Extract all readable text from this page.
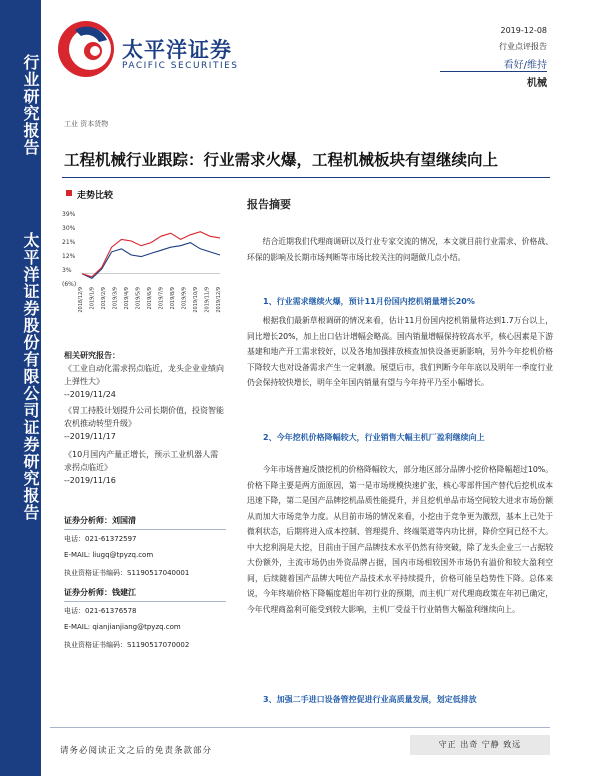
行业研究报告
太平洋证券股份有限公司证券研究报告
太平洋证券
PACIFIC SECURITIES
2019-12-08
行业点评报告
看好/维持
机械
工业 资本货物
工程机械行业跟踪：行业需求火爆，工程机械板块有望继续向上
走势比较
39%
30%
21%
12%
3%
(6%)
2018/12/9 2019/1/9 2019/2/9 2019/3/9 2019/4/9 2019/5/9 2019/6/9 2019/7/9 2019/8/9 2019/9/9 2019/10/9 2019/11/9 2019/12/9
相关研究报告：
《工业自动化需求拐点临近，龙头企业业绩向上弹性大》
--2019/11/24
《胃工持股计划提升公司长期价值，投资智能农机推动转型升级》
--2019/11/17
《10月国内产量正增长，预示工业机器人需求拐点临近》
--2019/11/16
证券分析师：刘国清
电话：021-61372597
E-MAIL: liugq@tpyzq.com
执业资格证书编码：S1190517040001
证券分析师：钱建江
电话：021-61376578
E-MAIL: qianjianjiang@tpyzq.com
执业资格证书编码：S1190517070002
报告摘要

结合近期我们代理商调研以及行业专家交流的情况，本文就目前行业需求、价格战、环保的影响及长期市场判断等市场比较关注的问题做几点小结。

1、行业需求继续火爆，预计11月份国内挖机销量增长20%

根据我们最新草根调研的情况来看，估计11月份国内挖机销量将达到1.7万台以上，同比增长20%，加上出口估计增幅会略高。国内销量增幅保持较高水平，核心因素是下游基建和地产开工需求较好，以及各地加强排放核查加快设备更新影响，另外今年挖机价格下降较大也对设备需求产生一定刺激。展望后市，我们判断今年年底以及明年一季度行业仍会保持较快增长，明年全年国内销量有望与今年持平乃至小幅增长。

2、今年挖机价格降幅较大，行业销售大幅主机厂盈利继续向上

今年市场普遍反馈挖机的价格降幅较大，部分地区部分品牌小挖价格降幅超过10%。价格下降主要是两方面原因，第一是市场规模快速扩张，核心零部件国产替代后挖机成本迅速下降，第二是国产品牌挖机品质性能提升，并且挖机单品市场空间较大进求市场份额从而加大市场竞争力度。从目前市场的情况来看，小挖由于竞争更为激烈，基本上已处于微利状态，后期将进入成本控制、管理提升、终端渠道等内功比拼，降价空间已经不大。中大挖利润是大挖，目前由于国产品牌技术水平仍然有待突破，除了龙头企业三一占据较大份额外，主流市场仍由外资品牌占据，国内市场相较国外市场仍有溢价和较大盈利空间，后续随着国产品牌大吨位产品技术水平持续提升，价格可能呈趋势性下降。总体来说，今年终端价格下降幅度超出年初行业的预期，而主机厂对代理商政策在年初已确定，今年代理商盈利可能受到较大影响，主机厂受益于行业销售大幅盈利继续向上。

3、加强二手进口设备管控促进行业高质量发展，划定低排放
请务必阅读正文之后的免责条款部分
守正 出奇 宁静 致远
